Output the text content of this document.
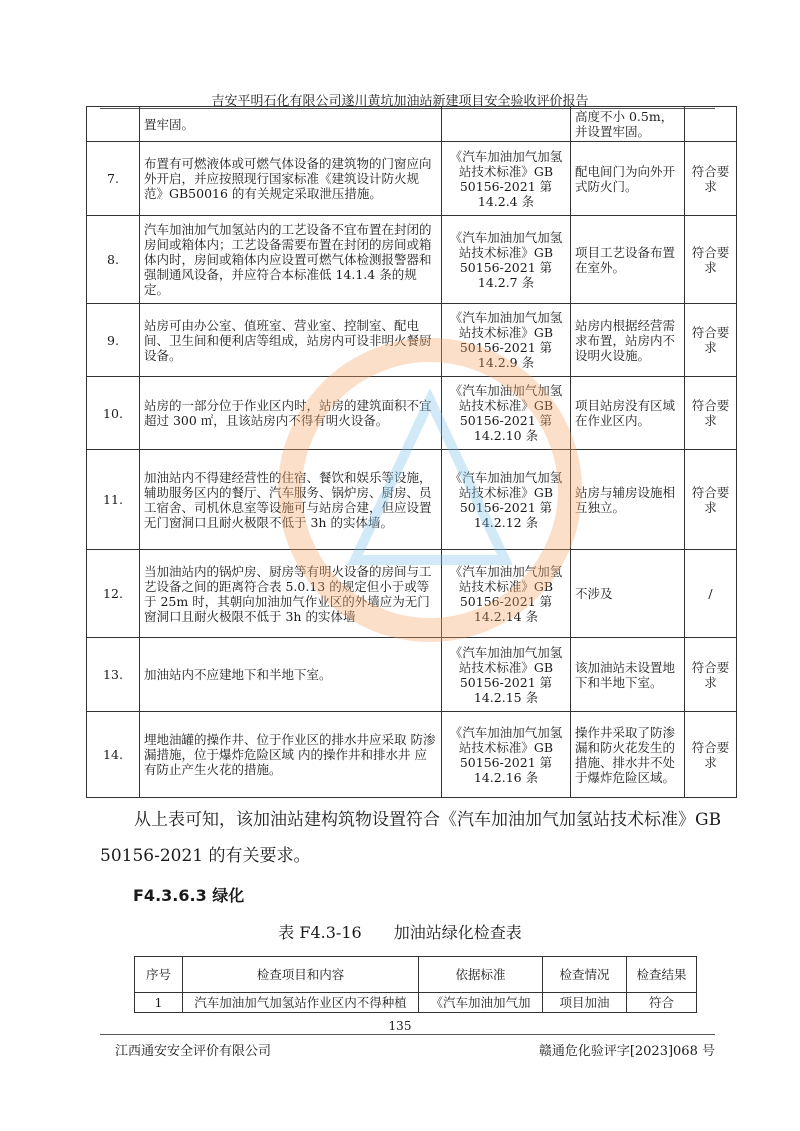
吉安平明石化有限公司遂川黄坑加油站新建项目安全验收评价报告
	置牢固。		高度不小 0.5m，并设置牢固。	
7.	布置有可燃液体或可燃气体设备的建筑物的门窗应向外开启，并应按照现行国家标准《建筑设计防火规范》GB50016 的有关规定采取泄压措施。	《汽车加油加气加氢站技术标准》GB 50156-2021 第 14.2.4 条	配电间门为向外开式防火门。	符合要求
8.	汽车加油加气加氢站内的工艺设备不宜布置在封闭的房间或箱体内；工艺设备需要布置在封闭的房间或箱体内时，房间或箱体内应设置可燃气体检测报警器和强制通风设备，并应符合本标准低 14.1.4 条的规定。	《汽车加油加气加氢站技术标准》GB 50156-2021 第 14.2.7 条	项目工艺设备布置在室外。	符合要求
9.	站房可由办公室、值班室、营业室、控制室、配电间、卫生间和便利店等组成，站房内可设非明火餐厨设备。	《汽车加油加气加氢站技术标准》GB 50156-2021 第 14.2.9 条	站房内根据经营需求布置，站房内不设明火设施。	符合要求
10.	站房的一部分位于作业区内时，站房的建筑面积不宜超过 300 ㎡，且该站房内不得有明火设备。	《汽车加油加气加氢站技术标准》GB 50156-2021 第 14.2.10 条	项目站房没有区域在作业区内。	符合要求
11.	加油站内不得建经营性的住宿、餐饮和娱乐等设施，辅助服务区内的餐厅、汽车服务、锅炉房、厨房、员工宿舍、司机休息室等设施可与站房合建，但应设置无门窗洞口且耐火极限不低于 3h 的实体墙。	《汽车加油加气加氢站技术标准》GB 50156-2021 第 14.2.12 条	站房与辅房设施相互独立。	符合要求
12.	当加油站内的锅炉房、厨房等有明火设备的房间与工艺设备之间的距离符合表 5.0.13 的规定但小于或等于 25m 时，其朝向加油加气作业区的外墙应为无门窗洞口且耐火极限不低于 3h 的实体墙	《汽车加油加气加氢站技术标准》GB 50156-2021 第 14.2.14 条	不涉及	/
13.	加油站内不应建地下和半地下室。	《汽车加油加气加氢站技术标准》GB 50156-2021 第 14.2.15 条	该加油站未设置地下和半地下室。	符合要求
14.	埋地油罐的操作井、位于作业区的排水井应采取 防渗漏措施，位于爆炸危险区域 内的操作井和排水井 应有防止产生火花的措施。	《汽车加油加气加氢站技术标准》GB 50156-2021 第 14.2.16 条	操作井采取了防渗漏和防火花发生的措施、排水井不处于爆炸危险区域。	符合要求

从上表可知，该加油站建构筑物设置符合《汽车加油加气加氢站技术标准》GB 50156-2021 的有关要求。

F4.3.6.3 绿化
表 F4.3-16　　加油站绿化检查表
序号	检查项目和内容	依据标准	检查情况	检查结果
1	汽车加油加气加氢站作业区内不得种植	《汽车加油加气加	项目加油	符合
135
江西通安安全评价有限公司	赣通危化验评字[2023]068 号
